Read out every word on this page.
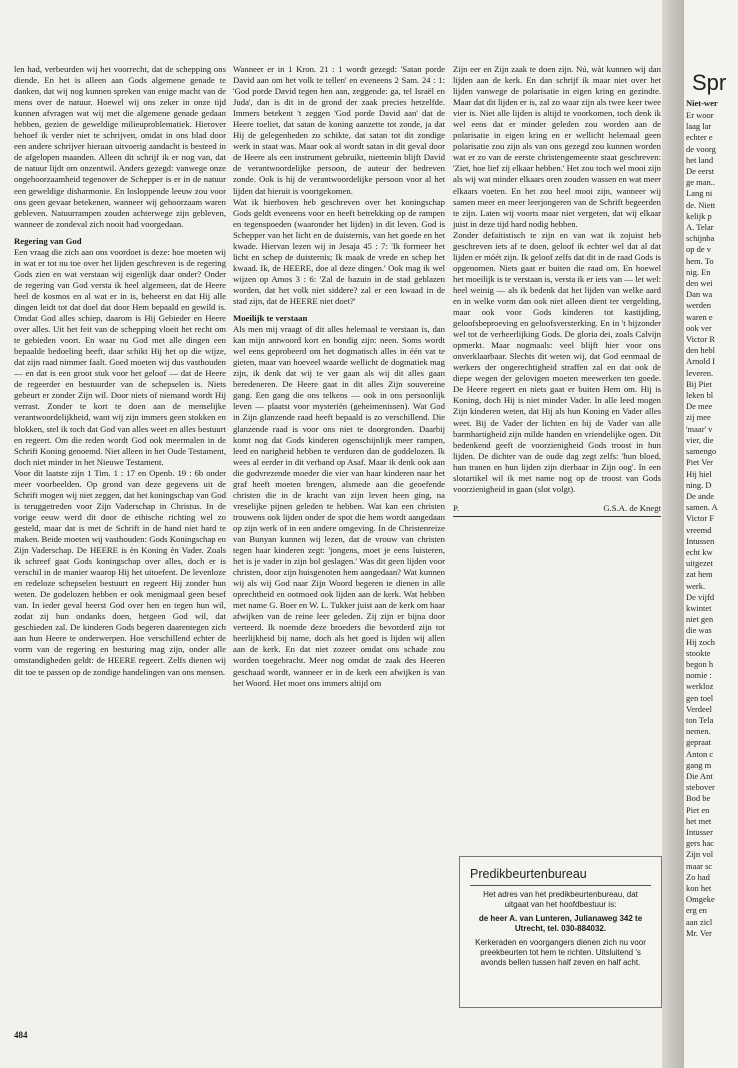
len had, verbeurden wij het voorrecht, dat de schepping ons diende. En het is alleen aan Gods algemene genade te danken, dat wij nog kunnen spreken van enige macht van de mens over de natuur. Hoewel wij ons zeker in onze tijd kunnen afvragen wat wij met die algemene genade gedaan hebben, gezien de geweldige milieuproblematiek. Hierover behoef ik verder niet te schrijven, omdat in ons blad door een andere schrijver hieraan uitvoerig aandacht is besteed in de afgelopen maanden. Alleen dit schrijf ik er nog van, dat de natuur lijdt om onzentwil. Anders gezegd: vanwege onze ongehoorzaamheid tegenover de Schepper is er in de natuur een geweldige disharmonie. En losloppende leeuw zou voor ons geen gevaar betekenen, wanneer wij gehoorzaam waren gebleven. Natuurrampen zouden achterwege zijn gebleven, wanneer de zondeval zich nooit had voorgedaan.

Regering van God

Een vraag die zich aan ons voordoet is deze: hoe moeten wij in wat er tot nu toe over het lijden geschreven is de regering Gods zien en wat verstaan wij eigenlijk daar onder? Onder de regering van God versta ik heel algemeen, dat de Heere heel de kosmos en al wat er in is, beheerst en dat Hij alle dingen leidt tot dat doel dat door Hem bepaald en gewild is. Omdat God alles schiep, daarom is Hij Gebieder en Heere over alles. Uit het feit van de schepping vloeit het recht om te gebieden voort. En waar nu God met alle dingen een bepaalde bedoeling heeft, daar schikt Hij het op die wijze, dat zijn raad nimmer faalt. Goed moeten wij dus vasthouden — en dat is een groot stuk voor het geloof — dat de Heere de regeerder en bestuurder van de schepselen is. Niets gebeurt er zonder Zijn wil. Door niets of niemand wordt Hij verrast. Zonder te kort te doen aan de menselijke verantwoordelijkheid, want wij zijn immers geen stokken en blokken, stel ik toch dat God van alles weet en alles bestuurt en regeert. Om die reden wordt God ook meermalen in de Schrift Koning genoemd. Niet alleen in het Oude Testament, doch niet minder in het Nieuwe Testament.

Voor dit laatste zijn 1 Tim. 1 : 17 en Openb. 19 : 6b onder meer voorbeelden. Op grond van deze gegevens uit de Schrift mogen wij niet zeggen, dat het koningschap van God is teruggetreden voor Zijn Vaderschap in Christus. In de vorige eeuw werd dit door de ethische richting wel zo gesteld, maar dat is met de Schrift in de hand niet hard te maken. Beide moeten wij vasthouden: Gods Koningschap en Zijn Vaderschap. De HEERE is èn Koning èn Vader. Zoals ik schreef gaat Gods koningschap over alles, doch er is verschil in de manier waarop Hij het uitoefent. De levenloze en redeloze schepselen bestuurt en regeert Hij zonder hun weten. De godelozen hebben er ook menigmaal geen besef van. In ieder geval heerst God over hen en tegen hun wil, zodat zij hun ondanks doen, hetgeen God wil, dat geschieden zal. De kinderen Gods begeren daarentegen zich aan hun Heere te onderwerpen. Hoe verschillend echter de vorm van de regering en besturing mag zijn, onder alle omstandigheden geldt: de HEERE regeert. Zelfs dienen wij dit toe te passen op de zondige handelingen van ons mensen.

Wanneer er in 1 Kron. 21 : 1 wordt gezegd: 'Satan porde David aan om het volk te tellen' en eveneens 2 Sam. 24 : 1: 'God porde David tegen hen aan, zeggende: ga, tel Israël en Juda', dan is dit in de grond der zaak precies hetzelfde. Immers betekent 't zeggen 'God porde David aan' dat de Heere toeliet, dat satan de koning aanzette tot zonde, ja dat Hij de gelegenheden zo schikte, dat satan tot dit zondige werk in staat was. Maar ook al wordt satan in dit geval door de Heere als een instrument gebruikt, niettemin blijft David de verantwoordelijke persoon, de auteur der bedreven zonde. Ook is hij de verantwoordelijke persoon voor al het lijden dat hieruit is voortgekomen.

Wat ik hierboven heb geschreven over het koningschap Gods geldt eveneens voor en heeft betrekking op de rampen en tegenspoeden (waaronder het lijden) in dit leven. God is Schepper van het licht en de duisternis, van het goede en het kwade. Hiervan lezen wij in Jesaja 45 : 7: 'Ik formeer het licht en schep de duisternis; Ik maak de vrede en schep het kwaad. Ik, de HEERE, doe al deze dingen.' Ook mag ik wel wijzen op Amos 3 : 6: 'Zal de bazuin in de stad geblazen worden, dat het volk niet siddere? zal er een kwaad in de stad zijn, dat de HEERE niet doet?'

Moeilijk te verstaan

Als men mij vraagt of dit alles helemaal te verstaan is, dan kan mijn antwoord kort en bondig zijn: neen. Soms wordt wel eens geprobeerd om het dogmatisch alles in één vat te gieten, maar van hoeveel waarde wellicht de dogmatiek mag zijn, ik denk dat wij te ver gaan als wij dit alles gaan beredeneren. De Heere gaat in dit alles Zijn souvereine gang. Een gang die ons telkens — ook in ons persoonlijk leven — plaatst voor mysteriën (geheimenissen). Wat God in Zijn glanzende raad heeft bepaald is zo verschillend. Die glanzende raad is voor ons niet te doorgronden. Daarbij komt nog dat Gods kinderen ogenschijnlijk meer rampen, leed en narigheid hebben te verduren dan de goddelozen. Ik wees al eerder in dit verband op Asaf. Maar ik denk ook aan die godvrezende moeder die vier van haar kinderen naar het graf heeft moeten brengen, alsmede aan die geoefende christen die in de kracht van zijn leven heen ging, na vreselijke pijnen geleden te hebben. Wat kan een christen trouwens ook lijden onder de spot die hem wordt aangedaan op zijn werk of in een andere omgeving. In de Christenreize van Bunyan kunnen wij lezen, dat de vrouw van christen tegen haar kinderen zegt: 'jongens, moet je eens luisteren, het is je vader in zijn bol geslagen.' Was dit geen lijden voor christen, door zijn huisgenoten hem aangedaan? Wat kunnen wij als wij God naar Zijn Woord begeren te dienen in alle oprechtheid en ootmoed ook lijden aan de kerk. Wat hebben met name G. Boer en W. L. Tukker juist aan de kerk om haar afwijken van de reine leer geleden. Zij zijn er bijna door verteerd. Ik noemde deze broeders die bevorderd zijn tot heerlijkheid bij name, doch als het goed is lijden wij allen aan de kerk. En dat niet zozeer omdat ons schade zou worden toegebracht. Meer nog omdat de zaak des Heeren geschaad wordt, wanneer er in de kerk een afwijken is van het Woord. Het moet ons immers altijd om

Zijn eer en Zijn zaak te doen zijn. Nú, wàt kunnen wij dan lijden aan de kerk. En dan schrijf ik maar niet over het lijden vanwege de polarisatie in eigen kring en gezindte. Maar dat dit lijden er is, zal zo waar zijn als twee keer twee vier is. Niet alle lijden is altijd te voorkomen, toch denk ik wel eens dat er minder geleden zou worden aan de polarisatie in eigen kring en er wellicht helemaal geen polarisatie zou zijn als van ons gezegd zou kunnen worden wat er zo van de eerste christengemeente staat geschreven: 'Ziet, hoe lief zij elkaar hebben.' Het zou toch wel mooi zijn als wij wat minder elkaars oren zouden wassen en wat meer elkaars voeten. En het zou heel mooi zijn, wanneer wij samen meer en meer leerjongeren van de Schrift begeerden te zijn. Laten wij voorts maar niet vergeten, dat wij elkaar juist in deze tijd hard nodig hebben.

Zonder defaitistisch te zijn en van wat ik zojuist heb geschreven iets af te doen, geloof ik echter wel dat al dat lijden er móét zijn. Ik geloof zelfs dat dit in de raad Gods is opgenomen. Niets gaat er buiten die raad om. En hoewel het moeilijk is te verstaan is, versta ik er iets van — let wel: heel weinig — als ik bedenk dat het lijden van welke aard en in welke vorm dan ook niet alleen dient ter vergelding, maar ook voor Gods kinderen tot kastijding, geloofsbeproeving en geloofsversterking. En in 't bijzonder wel tot de verheerlijking Gods. De gloria dei, zoals Calvijn opmerkt. Maar nogmaals: veel blijft hier voor ons onverklaarbaar. Slechts dit weten wij, dat God eenmaal de werkers der ongerechtigheid straffen zal en dat ook de diepe wegen der gelovigen moeten meewerken ten goede. De Heere regeert en niets gaat er buiten Hem om. Hij is Koning, doch Hij is niet minder Vader. In alle leed mogen Zijn kinderen weten, dat Hij als hun Koning en Vader alles weet. Bij de Vader der lichten en bij de Vader van alle barmhartigheid zijn milde handen en vriendelijke ogen. Dit bedenkend geeft de voorzienigheid Gods troost in hun lijden. De dichter van de oude dag zegt zelfs: 'hun bloed, hun tranen en hun lijden zijn dierbaar in Zijn oog'. In een slotartikel wil ik met name nog op de troost van Gods voorzienigheid in gaan (slot volgt).

P.	G.S.A. de Knegt
Predikbeurtenbureau

Het adres van het predikbeurtenbureau, dat uitgaat van het hoofdbestuur is:

de heer A. van Lunteren, Julianaweg 342 te Utrecht, tel. 030-884032.

Kerkeraden en voorgangers dienen zich nu voor preekbeurten tot hem te richten. Uitsluitend 's avonds bellen tussen half zeven en half acht.

484
Spr
Niet-wer
Er woor
laag lar
echter e
de voorg
het land
De eerst
ge man..
Lang ni
de. Niett
kelijk p
A. Telar
schijnba
op de v
hem. To
nig. En
den wei
Dan wa
werden
waren e
ook ver
Victor R
den hebl
Arnold I
leveren.
Bij Piet
leken bl
De mee
zij mee
'maar' v
vier, die
samengo
Piet Ver
Hij hiel
ning. D
De ande
samen. A
Victor F
vreemd
Intussen
echt kw
uitgezet
zat hem
werk.
De vijfd
kwintet
niet gen
die was
Hij zoch
stookte
begon h
nomie :
werkloz
gen toel
Verdeel
ton Tela
nemen.
gepraat
Anton c
gang m
Die Ant
stebover
Bod be
Piet en
het met
Intusser
gers hac
Zijn vol
maar sc
Zo had
kon het
Omgeke
erg en
aan zicl
Mr. Ver
